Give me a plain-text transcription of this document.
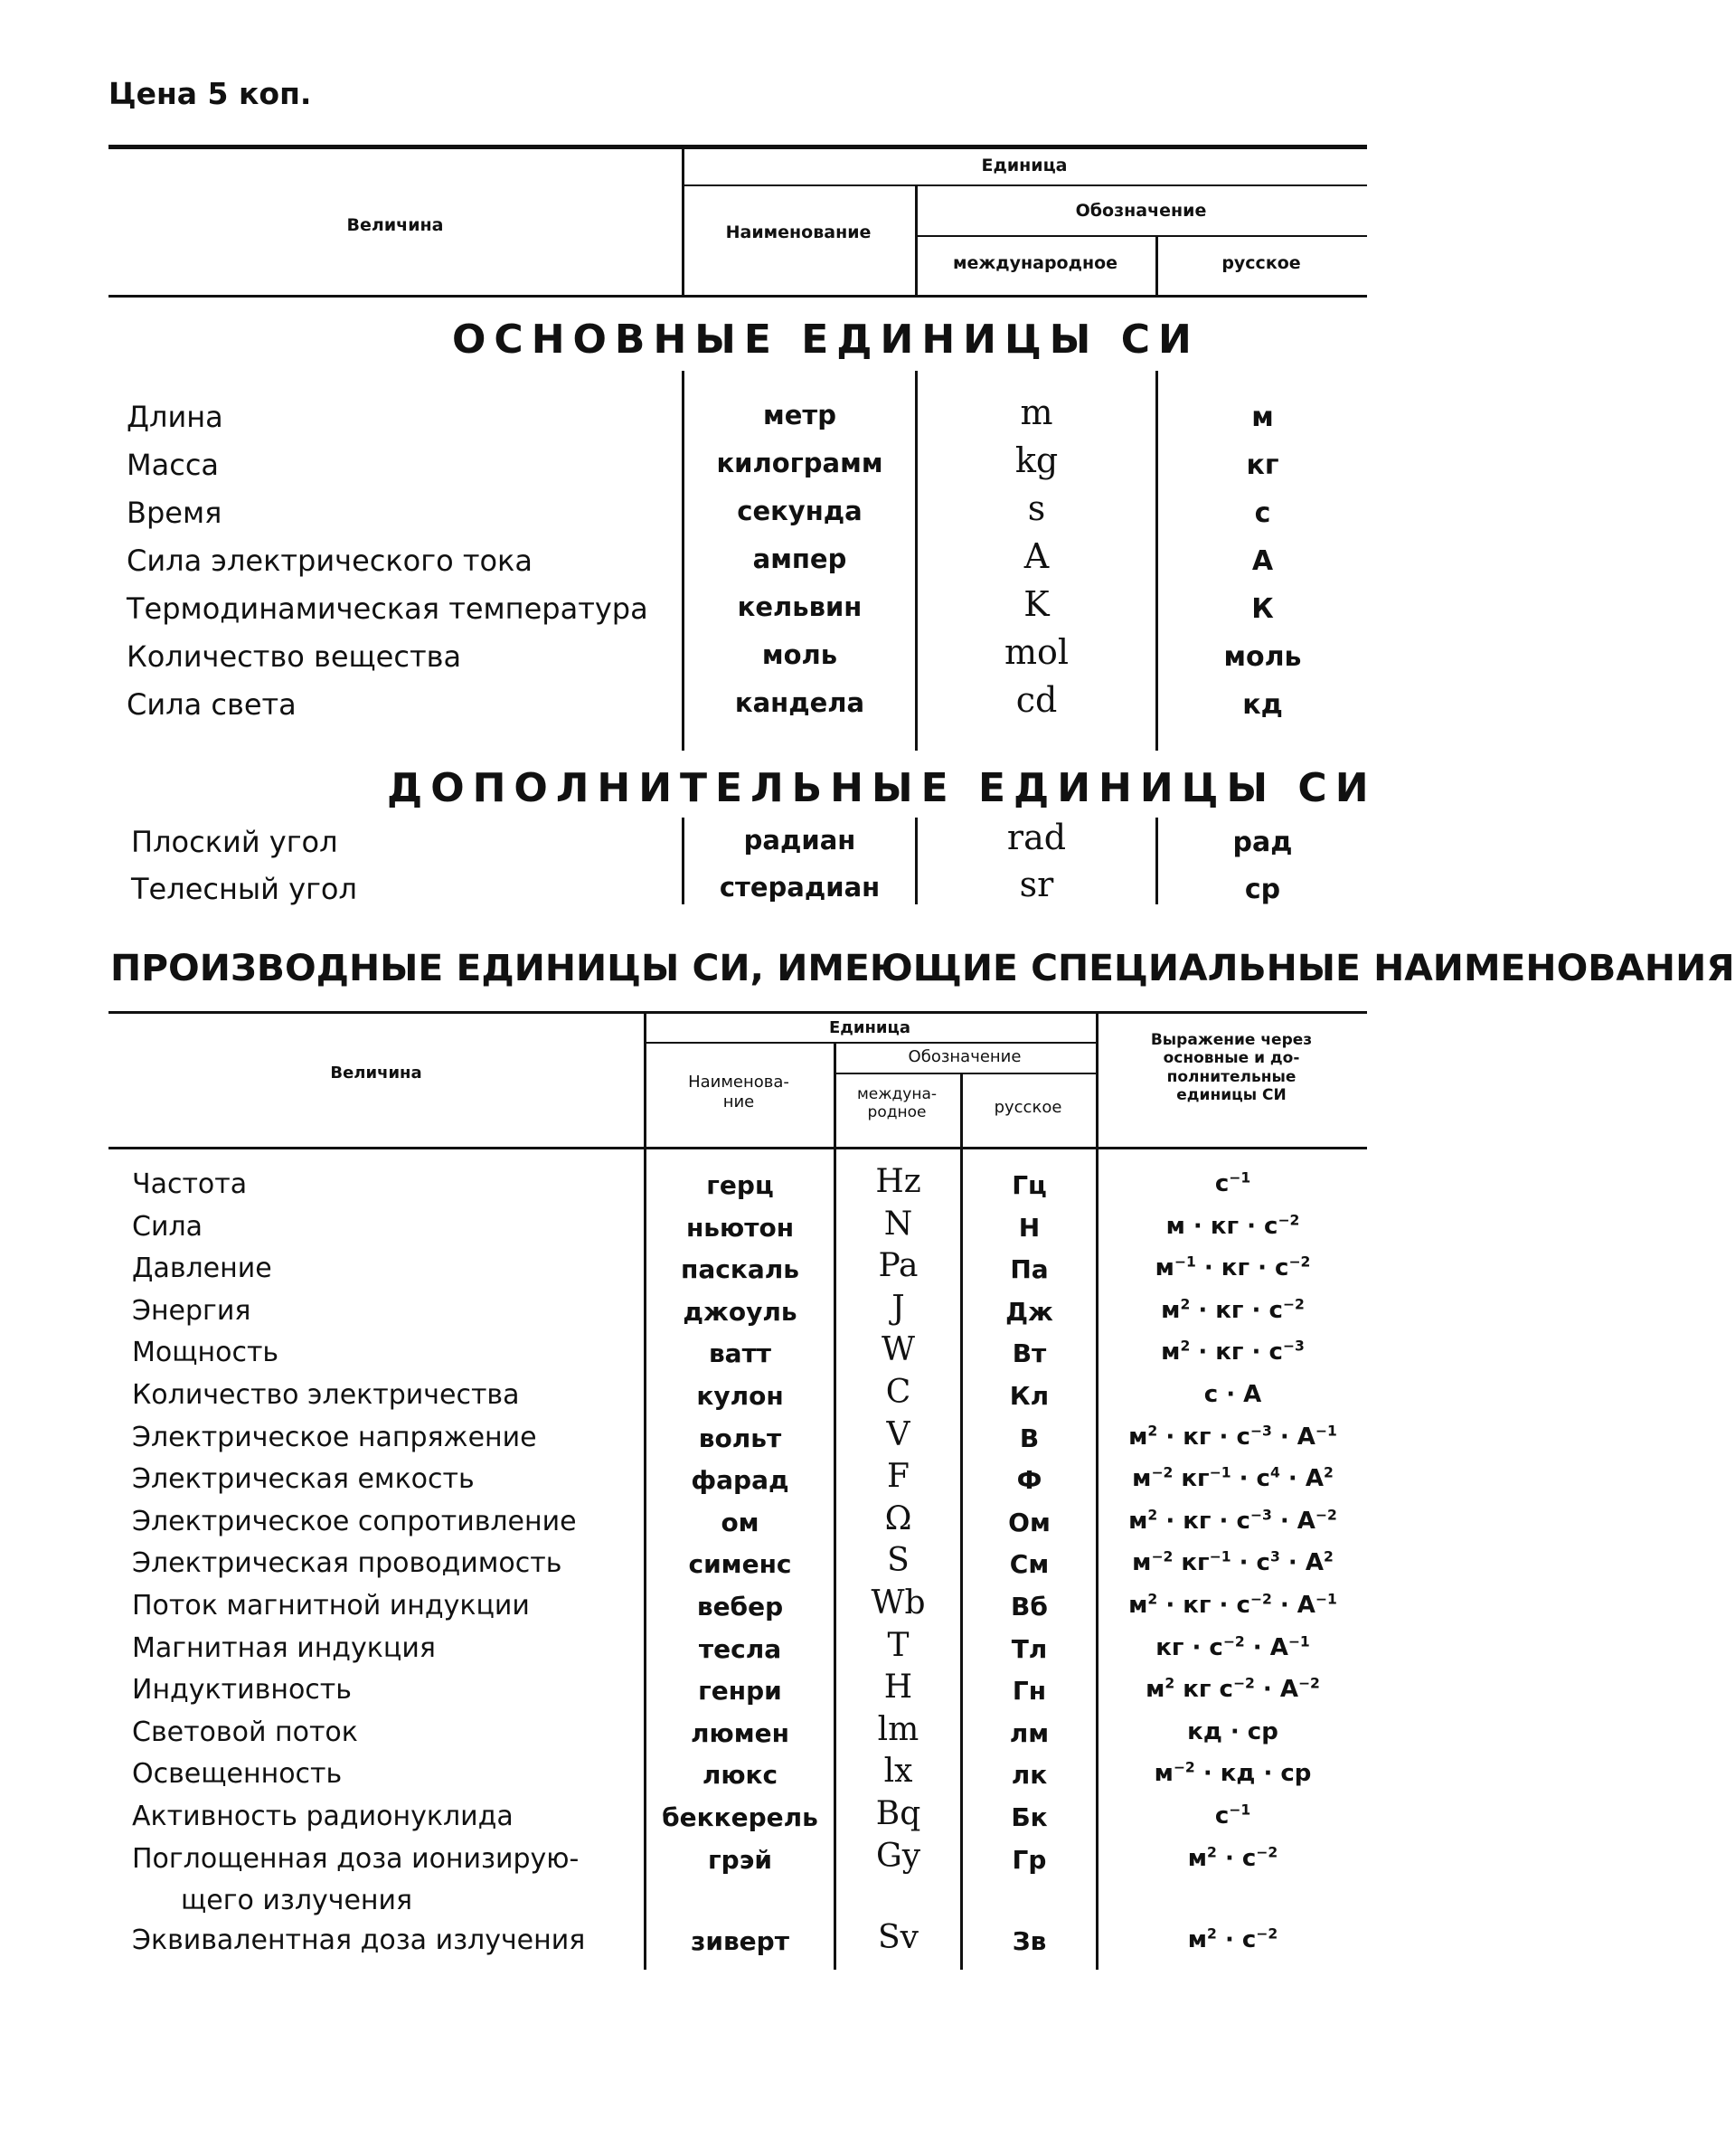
Цена 5 коп.
Величина
Единица
Наименование
Обозначение
международное	русское
ОСНОВНЫЕ ЕДИНИЦЫ СИ
Длина	метр	m	м
Масса	килограмм	kg	кг
Время	секунда	s	с
Сила электрического тока	ампер	A	А
Термодинамическая температура	кельвин	K	К
Количество вещества	моль	mol	моль
Сила света	кандела	cd	кд
ДОПОЛНИТЕЛЬНЫЕ ЕДИНИЦЫ СИ
Плоский угол	радиан	rad	рад
Телесный угол	стерадиан	sr	ср
ПРОИЗВОДНЫЕ ЕДИНИЦЫ СИ, ИМЕЮЩИЕ СПЕЦИАЛЬНЫЕ НАИМЕНОВАНИЯ
Величина
Единица
Наименова-
ние
Обозначение
междуна-
родное	русское
Выражение через
основные и до-
полнительные
единицы СИ
Частота	герц	Hz	Гц	$с^{-1}$
Сила	ньютон	N	Н	м · кг · $с^{-2}$
Давление	паскаль	Pa	Па	$м^{-1}$ · кг · $с^{-2}$
Энергия	джоуль	J	Дж	$м^2$ · кг · $с^{-2}$
Мощность	ватт	W	Вт	$м^2$ · кг · $с^{-3}$
Количество электричества	кулон	C	Кл	с · А
Электрическое напряжение	вольт	V	В	$м^2$ · кг · $с^{-3} \cdot А^{-1}$
Электрическая емкость	фарад	F	Ф	$м^{-2}$ $кг^{-1} \cdot с^4 \cdot А^2$
Электрическое сопротивление	ом	Ω	Ом	$м^2$ · кг · $с^{-3} \cdot А^{-2}$
Электрическая проводимость	сименс	S	См	$м^{-2}$ $кг^{-1} \cdot с^3 \cdot А^2$
Поток магнитной индукции	вебер	Wb	Вб	$м^2$ · кг · $с^{-2} \cdot А^{-1}$
Магнитная индукция	тесла	T	Тл	кг · $с^{-2} \cdot А^{-1}$
Индуктивность	генри	H	Гн	$м^2$ кг $с^{-2} \cdot А^{-2}$
Световой поток	люмен	lm	лм	кд · ср
Освещенность	люкс	lx	лк	$м^{-2}$ · кд · ср
Активность радионуклида	беккерель	Bq	Бк	$с^{-1}$
Поглощенная доза ионизирую-
щего излучения
грэй	Gy	Гр	$м^2 \cdot с^{-2}$
Эквивалентная доза излучения	зиверт	Sv	Зв	$м^2 \cdot с^{-2}$
